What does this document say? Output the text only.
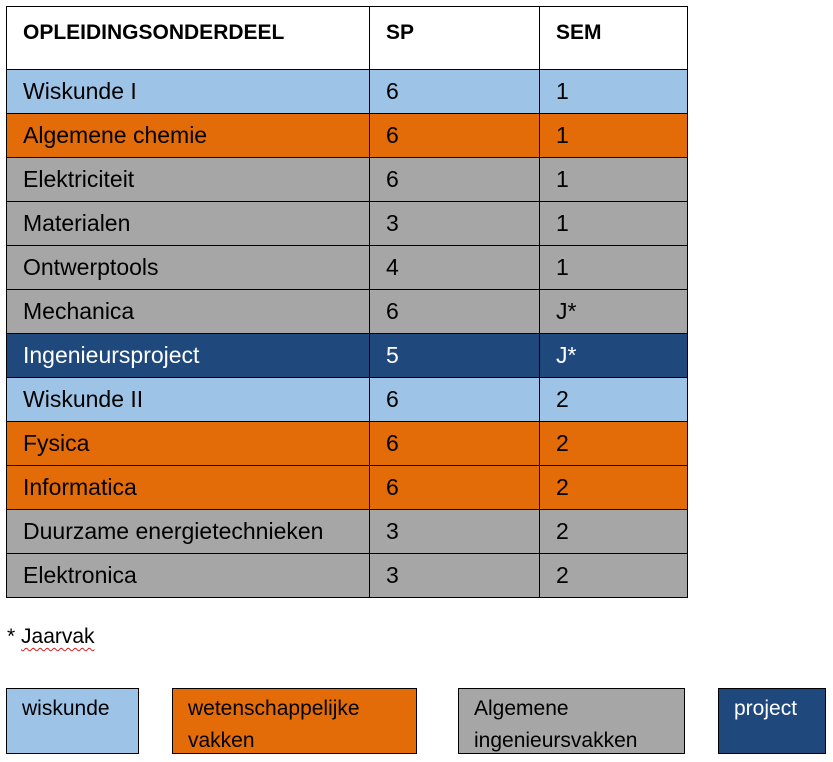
OPLEIDINGSONDERDEEL	SP	SEM
Wiskunde I	6	1
Algemene chemie	6	1
Elektriciteit	6	1
Materialen	3	1
Ontwerptools	4	1
Mechanica	6	J*
Ingenieursproject	5	J*
Wiskunde II	6	2
Fysica	6	2
Informatica	6	2
Duurzame energietechnieken	3	2
Elektronica	3	2
* Jaarvak
wiskunde	wetenschappelijke
vakken
Algemene
ingenieursvakken
project
